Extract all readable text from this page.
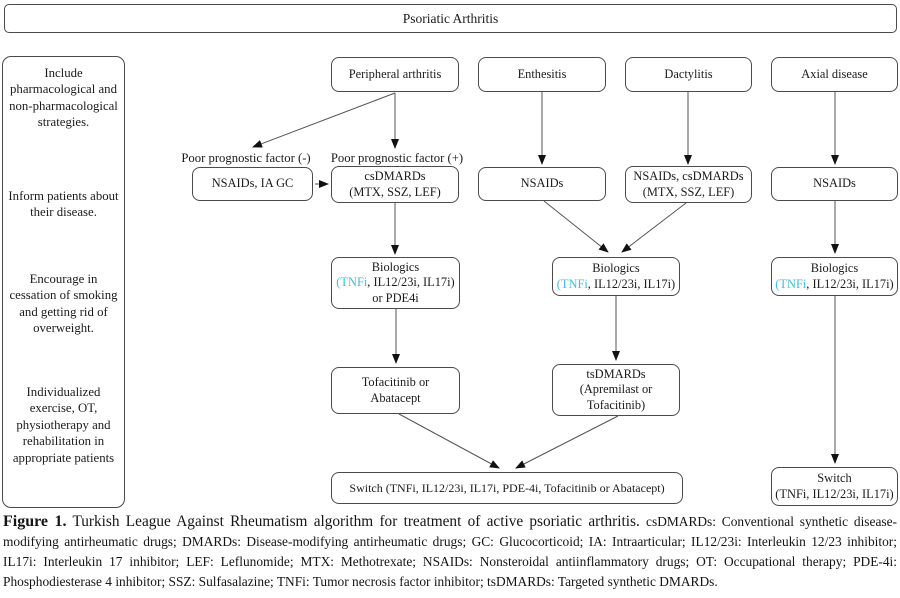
Psoriatic Arthritis

Include pharmacological and non-pharmacological strategies.

Inform patients about their disease.

Encourage in cessation of smoking and getting rid of overweight.

Individualized exercise, OT, physiotherapy and rehabilitation in appropriate patients

Peripheral arthritis	Enthesitis	Dactylitis	Axial disease
Poor prognostic factor (-) Poor prognostic factor (+)
NSAIDs, IA GC
csDMARDs
(MTX, SSZ, LEF)
NSAIDs
NSAIDs, csDMARDs
(MTX, SSZ, LEF)
NSAIDs
Biologics
(TNFi, IL12/23i, IL17i)
or PDE4i
Biologics
(TNFi, IL12/23i, IL17i)
Biologics
(TNFi, IL12/23i, IL17i)
Tofacitinib or
Abatacept
tsDMARDs
(Apremilast or
Tofacitinib)
Switch (TNFi, IL12/23i, IL17i, PDE-4i, Tofacitinib or Abatacept)
Switch
(TNFi, IL12/23i, IL17i)
Figure 1. Turkish League Against Rheumatism algorithm for treatment of active psoriatic arthritis. csDMARDs: Conventional synthetic disease-modifying antirheumatic drugs; DMARDs: Disease-modifying antirheumatic drugs; GC: Glucocorticoid; IA: Intraarticular; IL12/23i: Interleukin 12/23 inhibitor; IL17i: Interleukin 17 inhibitor; LEF: Leflunomide; MTX: Methotrexate; NSAIDs: Nonsteroidal antiinflammatory drugs; OT: Occupational therapy; PDE-4i: Phosphodiesterase 4 inhibitor; SSZ: Sulfasalazine; TNFi: Tumor necrosis factor inhibitor; tsDMARDs: Targeted synthetic DMARDs.
